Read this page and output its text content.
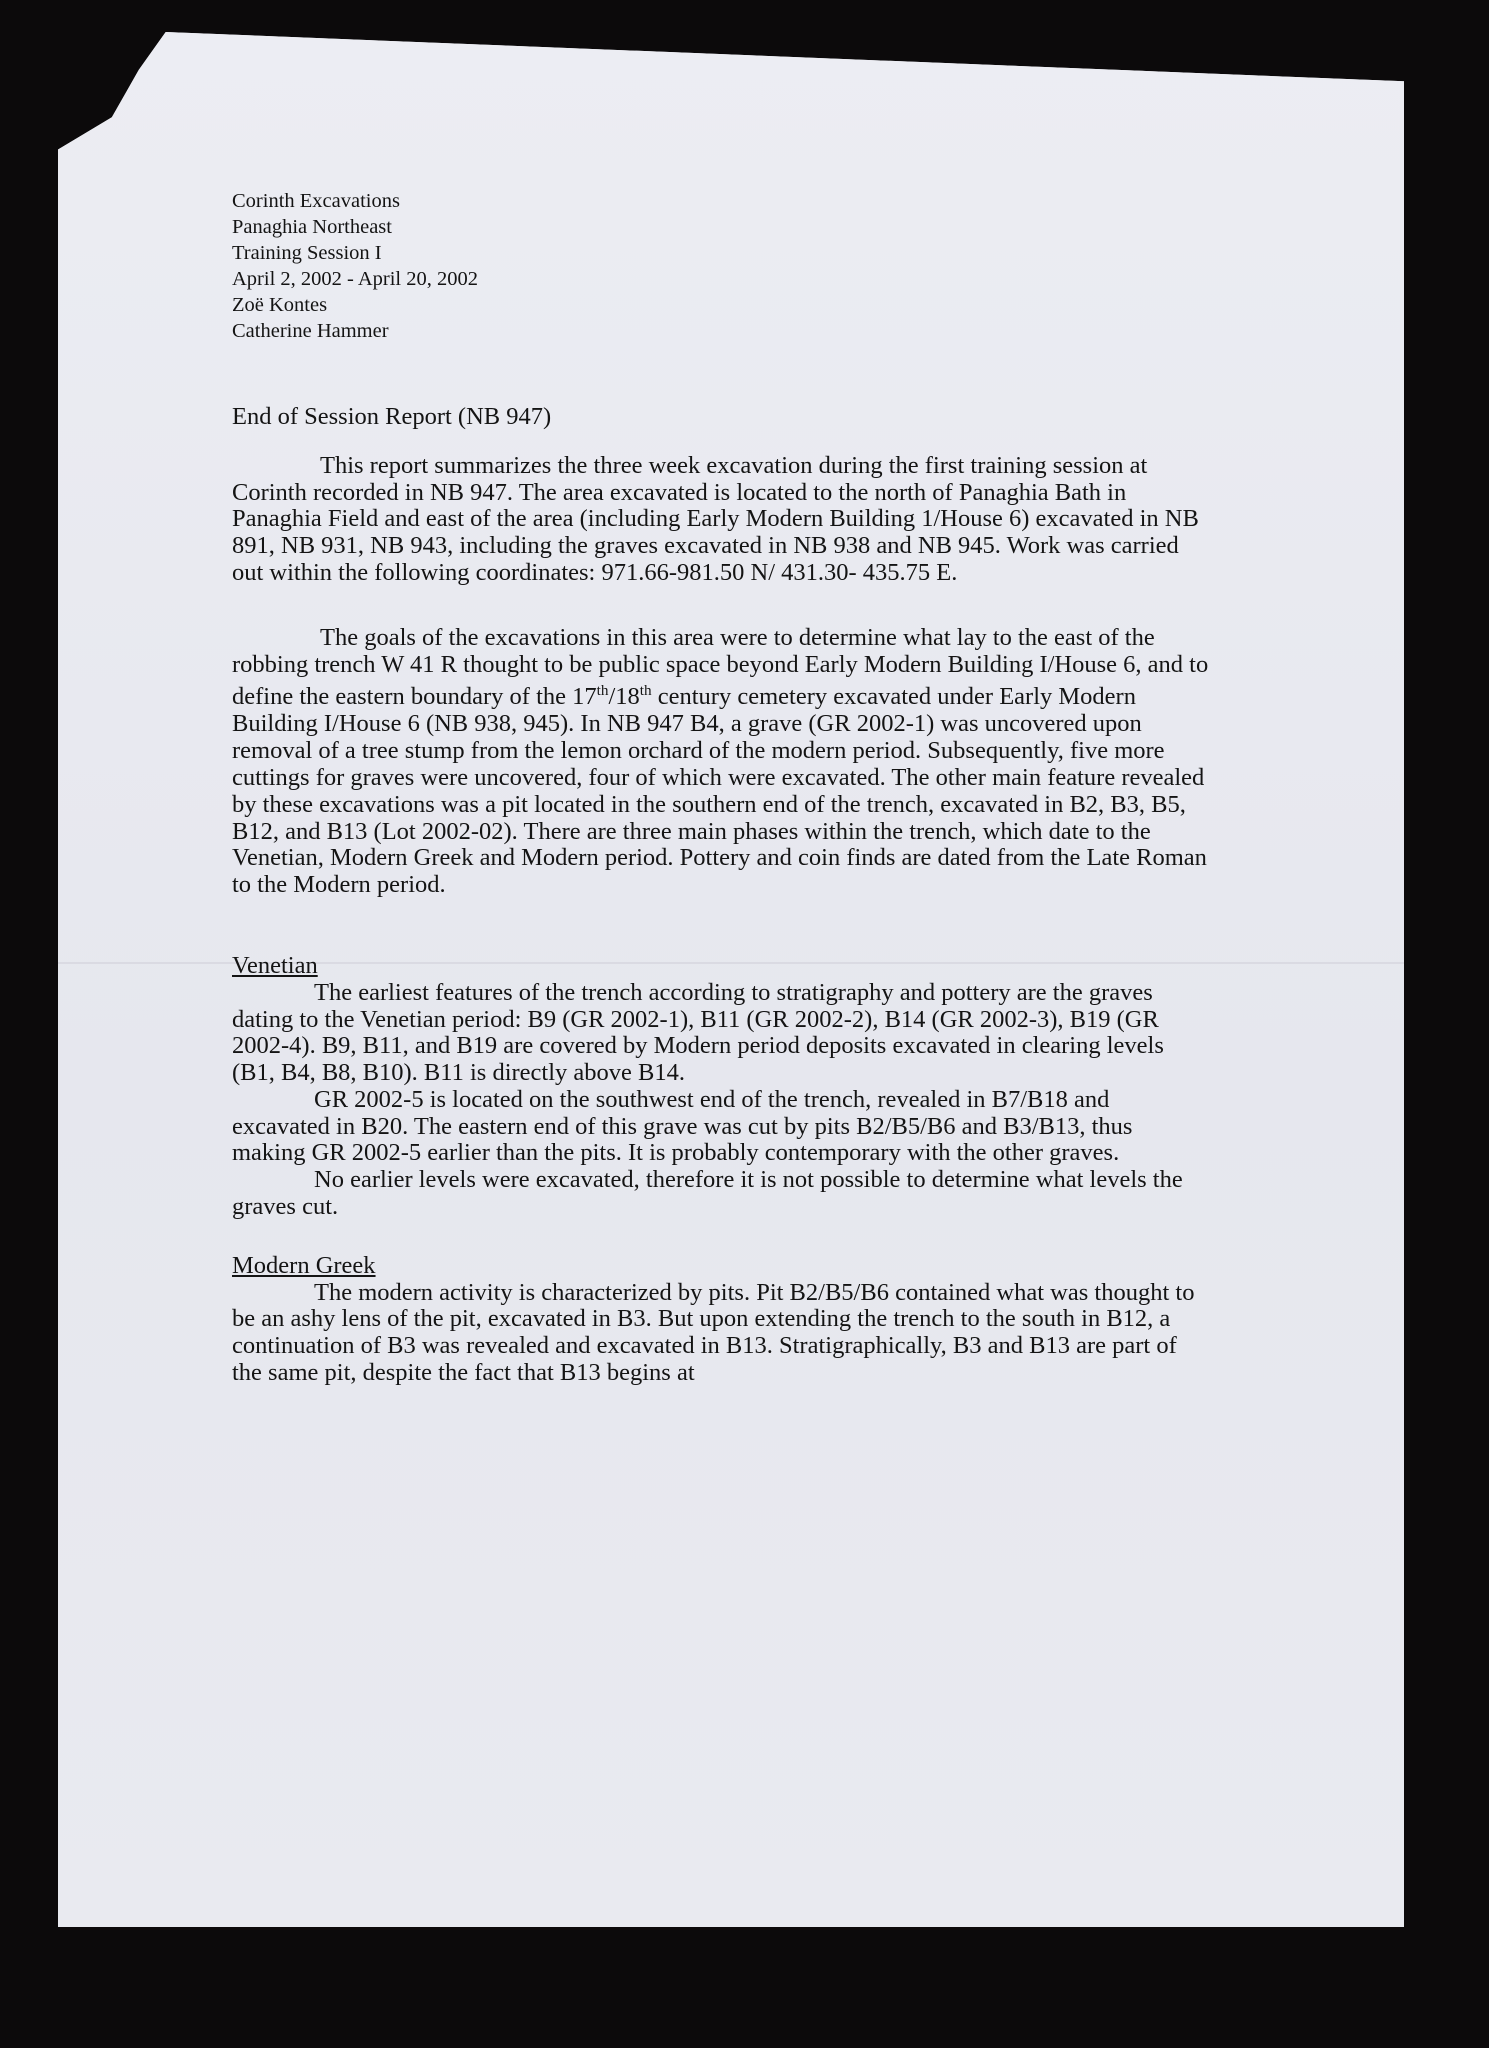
Corinth Excavations
Panaghia Northeast
Training Session I
April 2, 2002 - April 20, 2002
Zoë Kontes
Catherine Hammer
End of Session Report (NB 947)

This report summarizes the three week excavation during the first training session at Corinth recorded in NB 947. The area excavated is located to the north of Panaghia Bath in Panaghia Field and east of the area (including Early Modern Building 1/House 6) excavated in NB 891, NB 931, NB 943, including the graves excavated in NB 938 and NB 945. Work was carried out within the following coordinates: 971.66-981.50 N/ 431.30- 435.75 E.

The goals of the excavations in this area were to determine what lay to the east of the robbing trench W 41 R thought to be public space beyond Early Modern Building I/House 6, and to define the eastern boundary of the 17th/18th century cemetery excavated under Early Modern Building I/House 6 (NB 938, 945). In NB 947 B4, a grave (GR 2002-1) was uncovered upon removal of a tree stump from the lemon orchard of the modern period. Subsequently, five more cuttings for graves were uncovered, four of which were excavated. The other main feature revealed by these excavations was a pit located in the southern end of the trench, excavated in B2, B3, B5, B12, and B13 (Lot 2002-02). There are three main phases within the trench, which date to the Venetian, Modern Greek and Modern period. Pottery and coin finds are dated from the Late Roman to the Modern period.

Venetian

The earliest features of the trench according to stratigraphy and pottery are the graves dating to the Venetian period: B9 (GR 2002-1), B11 (GR 2002-2), B14 (GR 2002-3), B19 (GR 2002-4). B9, B11, and B19 are covered by Modern period deposits excavated in clearing levels (B1, B4, B8, B10). B11 is directly above B14.

GR 2002-5 is located on the southwest end of the trench, revealed in B7/B18 and excavated in B20. The eastern end of this grave was cut by pits B2/B5/B6 and B3/B13, thus making GR 2002-5 earlier than the pits. It is probably contemporary with the other graves.

No earlier levels were excavated, therefore it is not possible to determine what levels the graves cut.

Modern Greek

The modern activity is characterized by pits. Pit B2/B5/B6 contained what was thought to be an ashy lens of the pit, excavated in B3. But upon extending the trench to the south in B12, a continuation of B3 was revealed and excavated in B13. Stratigraphically, B3 and B13 are part of the same pit, despite the fact that B13 begins at
